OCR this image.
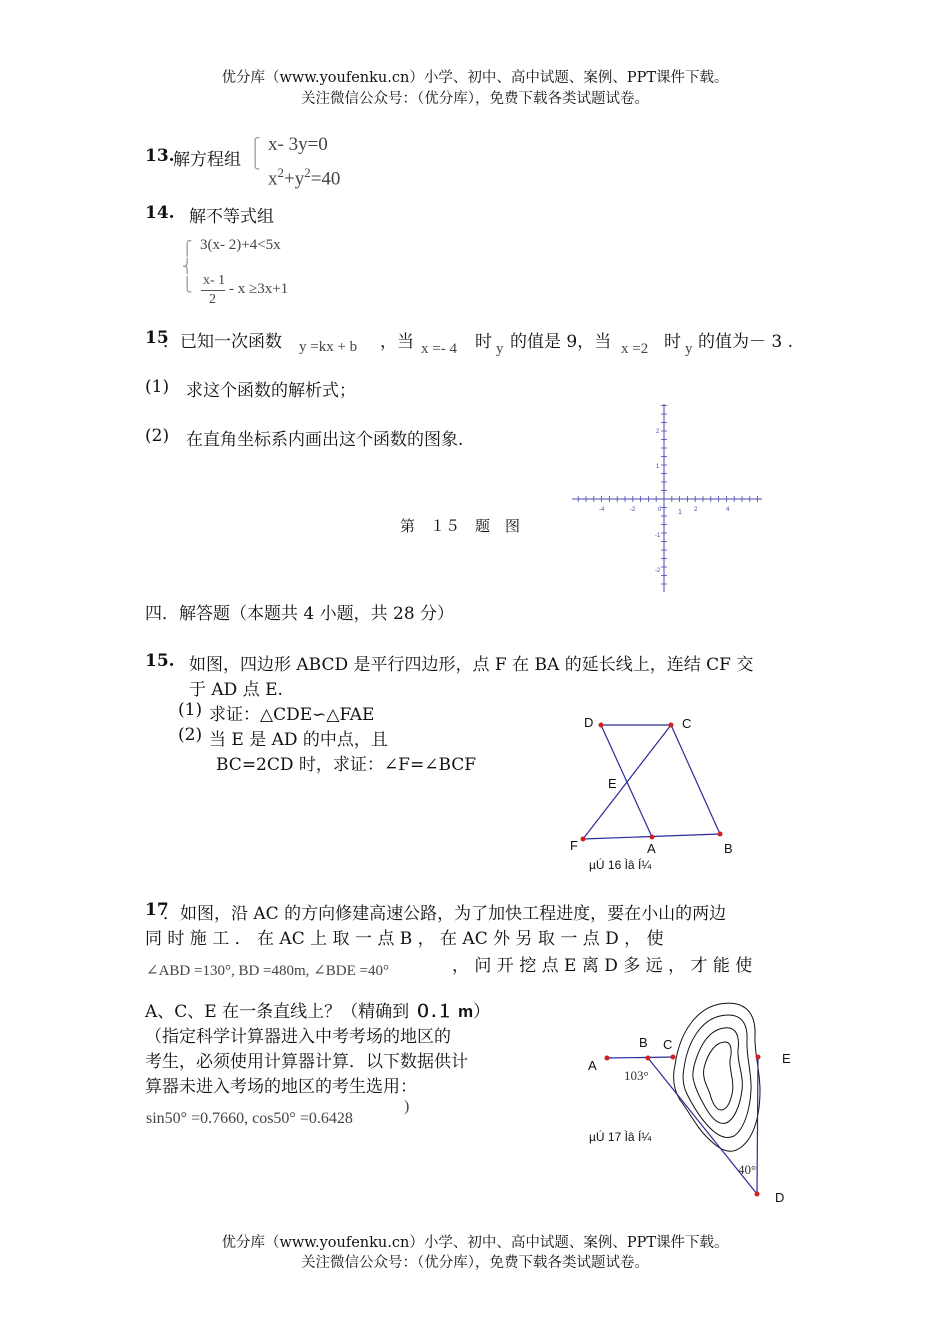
优分库（www.youfenku.cn）小学、初中、高中试题、案例、PPT课件下载。
关注微信公众号：（优分库），免费下载各类试题试卷。
13.
解方程组
⎧
⎩
x- 3y=0
$x^2+y^2=40$
14. 解不等式组
⎧
⎨
⎩
3(x- 2)+4<5x
x- 1
2
- x ≥3x+1
15
．已知一次函数 y =kx + b ，当 x =- 4 时 y 的值是 9，当 x =2 时 y 的值为－ 3 .
(1) 求这个函数的解析式；
(2) 在直角坐标系内画出这个函数的图象.
第　１５　题　图
-4	-2	0 1 2	4
2
1
-1
-2
四．解答题（本题共 4 小题，共 28 分）
15. 如图，四边形 ABCD 是平行四边形，点 F 在 BA 的延长线上，连结 CF 交
于 AD 点 E.
(1) 求证：△CDE∽△FAE
(2) 当 E 是 AD 的中点，且
BC=2CD 时，求证：∠F=∠BCF
D	C
E
F	A	B
µÚ 16 Ìâ Í¼
17
．如图，沿 AC 的方向修建高速公路，为了加快工程进度，要在小山的两边
同 时 施 工 ． 在 AC 上 取 一 点 B ， 在 AC 外 另 取 一 点 D ， 使
∠ABD =130°, BD =480m, ∠BDE =40°	， 问 开 挖 点 E 离 D 多 远 ， 才 能 使
A、C、E 在一条直线上？（精确到 ０.１ m）
（指定科学计算器进入中考考场的地区的
考生，必须使用计算器计算．以下数据供计
算器未进入考场的地区的考生选用：
sin50° =0.7660, cos50° =0.6428
)
A
B C
E
D
103°
40°
µÚ 17 Ìâ Í¼
优分库（www.youfenku.cn）小学、初中、高中试题、案例、PPT课件下载。
关注微信公众号：（优分库），免费下载各类试题试卷。
